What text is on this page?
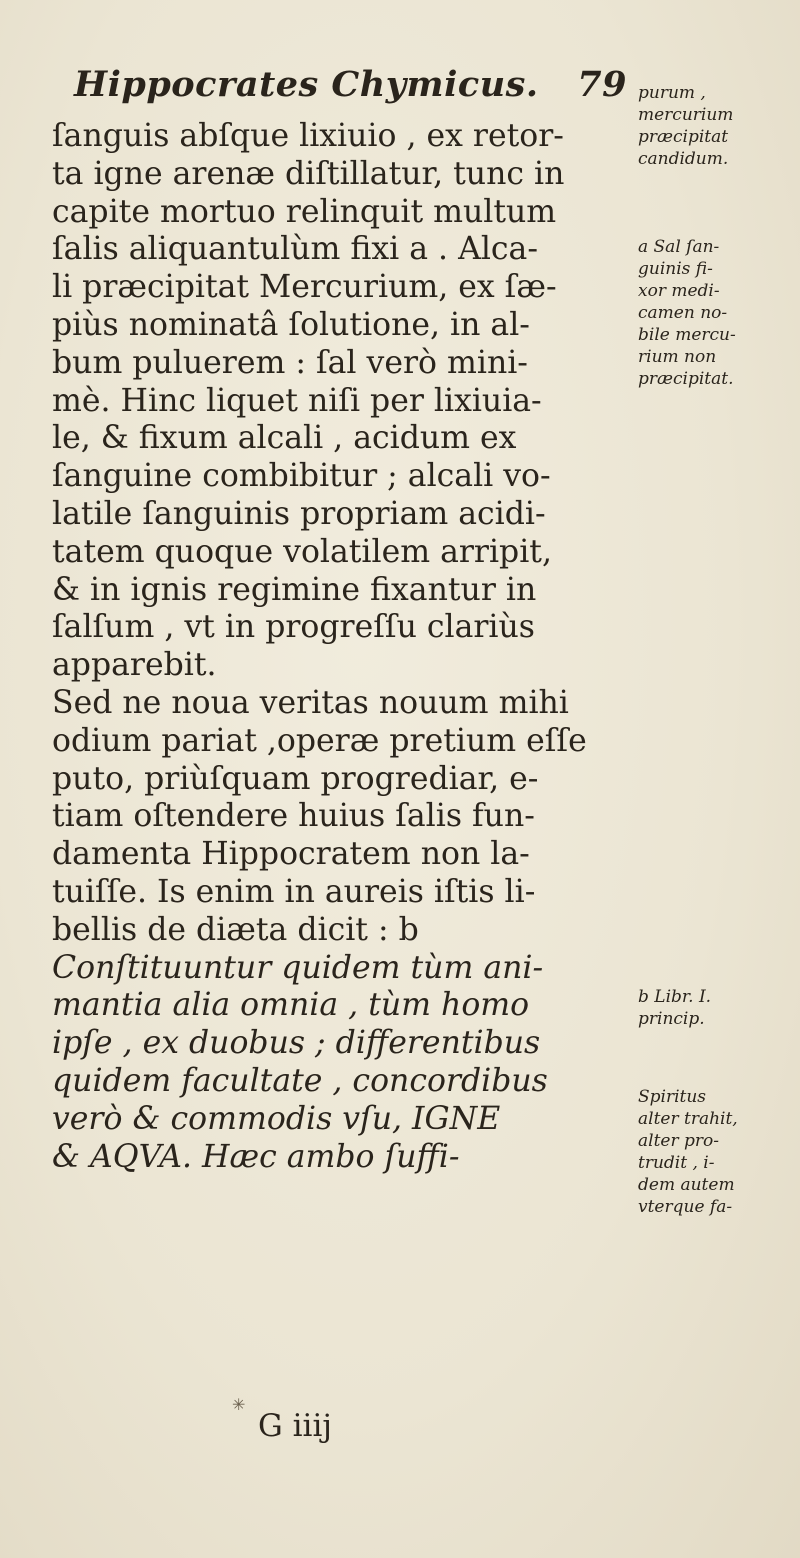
Hippocrates Chymicus. 79
ſanguis abſque lixiuio , ex retor-
ta igne arenæ diſtillatur, tunc in
capite mortuo relinquit multum
ſalis aliquantulùm fixi a . Alca-
li præcipitat Mercurium, ex ſæ-
piùs nominatâ ſolutione, in al-
bum puluerem : ſal verò mini-
mè. Hinc liquet niſi per lixiuia-
le, & fixum alcali , acidum ex
ſanguine combibitur ; alcali vo-
latile ſanguinis propriam acidi-
tatem quoque volatilem arripit,
& in ignis regimine fixantur in
ſalſum , vt in progreſſu clariùs
apparebit.
Sed ne noua veritas nouum mihi
odium pariat ,operæ pretium eſſe
puto, priùſquam progrediar, e-
tiam oſtendere huius ſalis fun-
damenta Hippocratem non la-
tuiſſe. Is enim in aureis iſtis li-
bellis de diæta dicit : b
Conſtituuntur quidem tùm ani-
mantia alia omnia , tùm homo
ipſe , ex duobus ; differentibus
quidem facultate , concordibus
verò & commodis vſu, IGNE
& AQVA. Hæc ambo ſuffi-
purum ,
mercurium
præcipitat
candidum.
a Sal ſan-
guinis fi-
xor medi-
camen no-
bile mercu-
rium non
præcipitat.
b Libr. I.
princip.
Spiritus
alter trahit,
alter pro-
trudit , i-
dem autem
vterque fa-
✳
G iiij
